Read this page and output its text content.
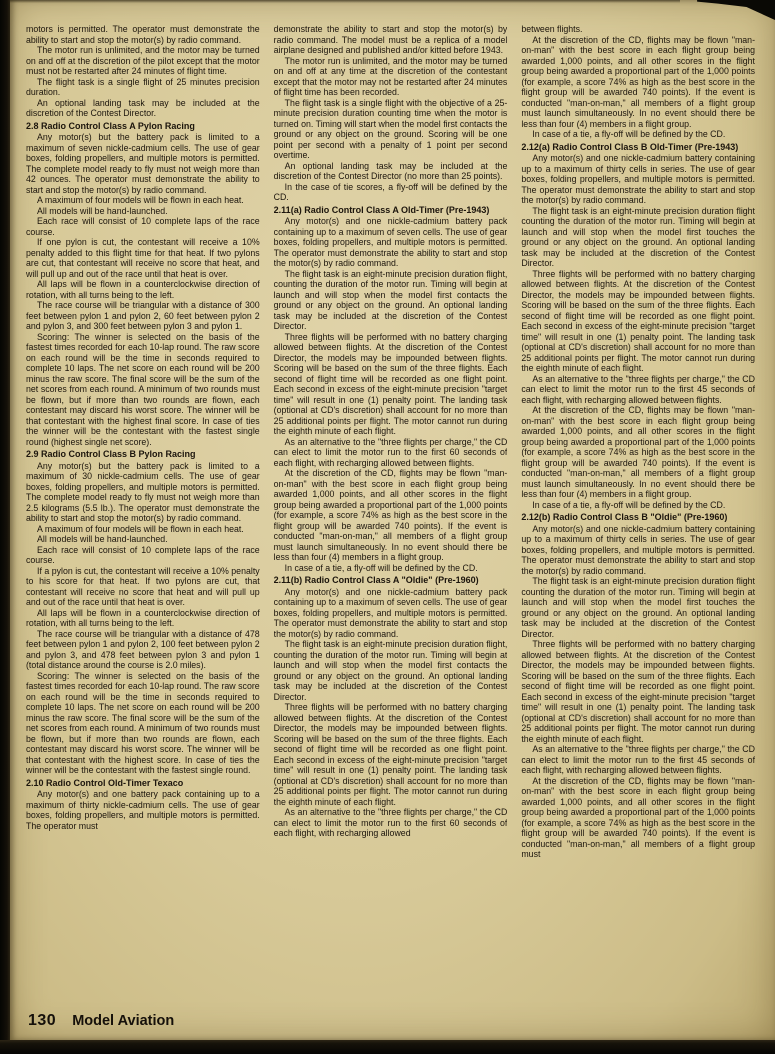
motors is permitted. The operator must demonstrate the ability to start and stop the motor(s) by radio command.

The motor run is unlimited, and the motor may be turned on and off at the discretion of the pilot except that the motor must not be restarted after 24 minutes of flight time.

The flight task is a single flight of 25 minutes precision duration.

An optional landing task may be included at the discretion of the Contest Director.

2.8 Radio Control Class A Pylon Racing

Any motor(s) but the battery pack is limited to a maximum of seven nickle-cadmium cells. The use of gear boxes, folding propellers, and multiple motors is permitted. The complete model ready to fly must not weigh more than 42 ounces. The operator must demonstrate the ability to start and stop the motor(s) by radio command.

A maximum of four models will be flown in each heat.

All models will be hand-launched.

Each race will consist of 10 complete laps of the race course.

If one pylon is cut, the contestant will receive a 10% penalty added to this flight time for that heat. If two pylons are cut, that contestant will receive no score that heat, and will pull up and out of the race until that heat is over.

All laps will be flown in a counterclockwise direction of rotation, with all turns being to the left.

The race course will be triangular with a distance of 300 feet between pylon 1 and pylon 2, 60 feet between pylon 2 and pylon 3, and 300 feet between pylon 3 and pylon 1.

Scoring: The winner is selected on the basis of the fastest times recorded for each 10-lap round. The raw score on each round will be the time in seconds required to complete 10 laps. The net score on each round will be 200 minus the raw score. The final score will be the sum of the net scores from each round. A minimum of two rounds must be flown, but if more than two rounds are flown, each contestant may discard his worst score. The winner will be that contestant with the highest final score. In case of ties the winner will be the contestant with the fastest single round (highest single net score).

2.9 Radio Control Class B Pylon Racing

Any motor(s) but the battery pack is limited to a maximum of 30 nickle-cadmium cells. The use of gear boxes, folding propellers, and multiple motors is permitted. The complete model ready to fly must not weigh more than 2.5 kilograms (5.5 lb.). The operator must demonstrate the ability to start and stop the motor(s) by radio command.

A maximum of four models will be flown in each heat.

All models will be hand-launched.

Each race will consist of 10 complete laps of the race course.

If a pylon is cut, the contestant will receive a 10% penalty to his score for that heat. If two pylons are cut, that contestant will receive no score that heat and will pull up and out of the race until that heat is over.

All laps will be flown in a counterclockwise direction of rotation, with all turns being to the left.

The race course will be triangular with a distance of 478 feet between pylon 1 and pylon 2, 100 feet between pylon 2 and pylon 3, and 478 feet between pylon 3 and pylon 1 (total distance around the course is 2.0 miles).

Scoring: The winner is selected on the basis of the fastest times recorded for each 10-lap round. The raw score on each round will be the time in seconds required to complete 10 laps. The net score on each round will be 200 minus the raw score. The final score will be the sum of the net scores from each round. A minimum of two rounds must be flown, but if more than two rounds are flown, each contestant may discard his worst score. The winner will be that contestant with the highest score. In case of ties the winner will be the contestant with the fastest single round.

2.10 Radio Control Old-Timer Texaco

Any motor(s) and one battery pack containing up to a maximum of thirty nickle-cadmium cells. The use of gear boxes, folding propellers, and multiple motors is permitted. The operator must

demonstrate the ability to start and stop the motor(s) by radio command. The model must be a replica of a model airplane designed and published and/or kitted before 1943.

The motor run is unlimited, and the motor may be turned on and off at any time at the discretion of the contestant except that the motor may not be restarted after 24 minutes of flight time has been recorded.

The flight task is a single flight with the objective of a 25-minute precision duration counting time when the motor is turned on. Timing will start when the model first contacts the ground or any object on the ground. Scoring will be one point per second with a penalty of 1 point per second overtime.

An optional landing task may be included at the discretion of the Contest Director (no more than 25 points).

In the case of tie scores, a fly-off will be defined by the CD.

2.11(a) Radio Control Class A Old-Timer (Pre-1943)

Any motor(s) and one nickle-cadmium battery pack containing up to a maximum of seven cells. The use of gear boxes, folding propellers, and multiple motors is permitted. The operator must demonstrate the ability to start and stop the motor(s) by radio command.

The flight task is an eight-minute precision duration flight, counting the duration of the motor run. Timing will begin at launch and will stop when the model first contacts the ground or any object on the ground. An optional landing task may be included at the discretion of the Contest Director.

Three flights will be performed with no battery charging allowed between flights. At the discretion of the Contest Director, the models may be impounded between flights. Scoring will be based on the sum of the three flights. Each second of flight time will be recorded as one flight point. Each second in excess of the eight-minute precision "target time" will result in one (1) penalty point. The landing task (optional at CD's discretion) shall account for no more than 25 additional points per flight. The motor cannot run during the eighth minute of each flight.

As an alternative to the "three flights per charge," the CD can elect to limit the motor run to the first 60 seconds of each flight, with recharging allowed between flights.

At the discretion of the CD, flights may be flown "man-on-man" with the best score in each flight group being awarded 1,000 points, and all other scores in the flight group being awarded a proportional part of the 1,000 points (for example, a score 74% as high as the best score in the flight group will be awarded 740 points). If the event is conducted "man-on-man," all members of a flight group must launch simultaneously. In no event should there be less than four (4) members in a flight group.

In case of a tie, a fly-off will be defined by the CD.

2.11(b) Radio Control Class A "Oldie" (Pre-1960)

Any motor(s) and one nickle-cadmium battery pack containing up to a maximum of seven cells. The use of gear boxes, folding propellers, and multiple motors is permitted. The operator must demonstrate the ability to start and stop the motor(s) by radio command.

The flight task is an eight-minute precision duration flight, counting the duration of the motor run. Timing will begin at launch and will stop when the model first contacts the ground or any object on the ground. An optional landing task may be included at the discretion of the Contest Director.

Three flights will be performed with no battery charging allowed between flights. At the discretion of the Contest Director, the models may be impounded between flights. Scoring will be based on the sum of the three flights. Each second of flight time will be recorded as one flight point. Each second in excess of the eight-minute precision "target time" will result in one (1) penalty point. The landing task (optional at CD's discretion) shall account for no more than 25 additional points per flight. The motor cannot run during the eighth minute of each flight.

As an alternative to the "three flights per charge," the CD can elect to limit the motor run to the first 60 seconds of each flight, with recharging allowed

between flights.

At the discretion of the CD, flights may be flown "man-on-man" with the best score in each flight group being awarded 1,000 points, and all other scores in the flight group being awarded a proportional part of the 1,000 points (for example, a score 74% as high as the best score in the flight group will be awarded 740 points). If the event is conducted "man-on-man," all members of a flight group must launch simultaneously. In no event should there be less than four (4) members in a flight group.

In case of a tie, a fly-off will be defined by the CD.

2.12(a) Radio Control Class B Old-Timer (Pre-1943)

Any motor(s) and one nickle-cadmium battery containing up to a maximum of thirty cells in series. The use of gear boxes, folding propellers, and multiple motors is permitted. The operator must demonstrate the ability to start and stop the motor(s) by radio command.

The flight task is an eight-minute precision duration flight counting the duration of the motor run. Timing will begin at launch and will stop when the model first touches the ground or any object on the ground. An optional landing task may be included at the discretion of the Contest Director.

Three flights will be performed with no battery charging allowed between flights. At the discretion of the Contest Director, the models may be impounded between flights. Scoring will be based on the sum of the three flights. Each second of flight time will be recorded as one flight point. Each second in excess of the eight-minute precision "target time" will result in one (1) penalty point. The landing task (optional at CD's discretion) shall account for no more than 25 additional points per flight. The motor cannot run during the eighth minute of each flight.

As an alternative to the "three flights per charge," the CD can elect to limit the motor run to the first 45 seconds of each flight, with recharging allowed between flights.

At the discretion of the CD, flights may be flown "man-on-man" with the best score in each flight group being awarded 1,000 points, and all other scores in the flight group being awarded a proportional part of the 1,000 points (for example, a score 74% as high as the best score in the flight group will be awarded 740 points). If the event is conducted "man-on-man," all members of a flight group must launch simultaneously. In no event should there be less than four (4) members in a flight group.

In case of a tie, a fly-off will be defined by the CD.

2.12(b) Radio Control Class B "Oldie" (Pre-1960)

Any motor(s) and one nickle-cadmium battery containing up to a maximum of thirty cells in series. The use of gear boxes, folding propellers, and multiple motors is permitted. The operator must demonstrate the ability to start and stop the motor(s) by radio command.

The flight task is an eight-minute precision duration flight counting the duration of the motor run. Timing will begin at launch and will stop when the model first touches the ground or any object on the ground. An optional landing task may be included at the discretion of the Contest Director.

Three flights will be performed with no battery charging allowed between flights. At the discretion of the Contest Director, the models may be impounded between flights. Scoring will be based on the sum of the three flights. Each second of flight time will be recorded as one flight point. Each second in excess of the eight-minute precision "target time" will result in one (1) penalty point. The landing task (optional at CD's discretion) shall account for no more than 25 additional points per flight. The motor cannot run during the eighth minute of each flight.

As an alternative to the "three flights per charge," the CD can elect to limit the motor run to the first 45 seconds of each flight, with recharging allowed between flights.

At the discretion of the CD, flights may be flown "man-on-man" with the best score in each flight group being awarded 1,000 points, and all other scores in the flight group being awarded a proportional part of the 1,000 points (for example, a score 74% as high as the best score in the flight group will be awarded 740 points). If the event is conducted "man-on-man," all members of a flight group must

130 Model Aviation
